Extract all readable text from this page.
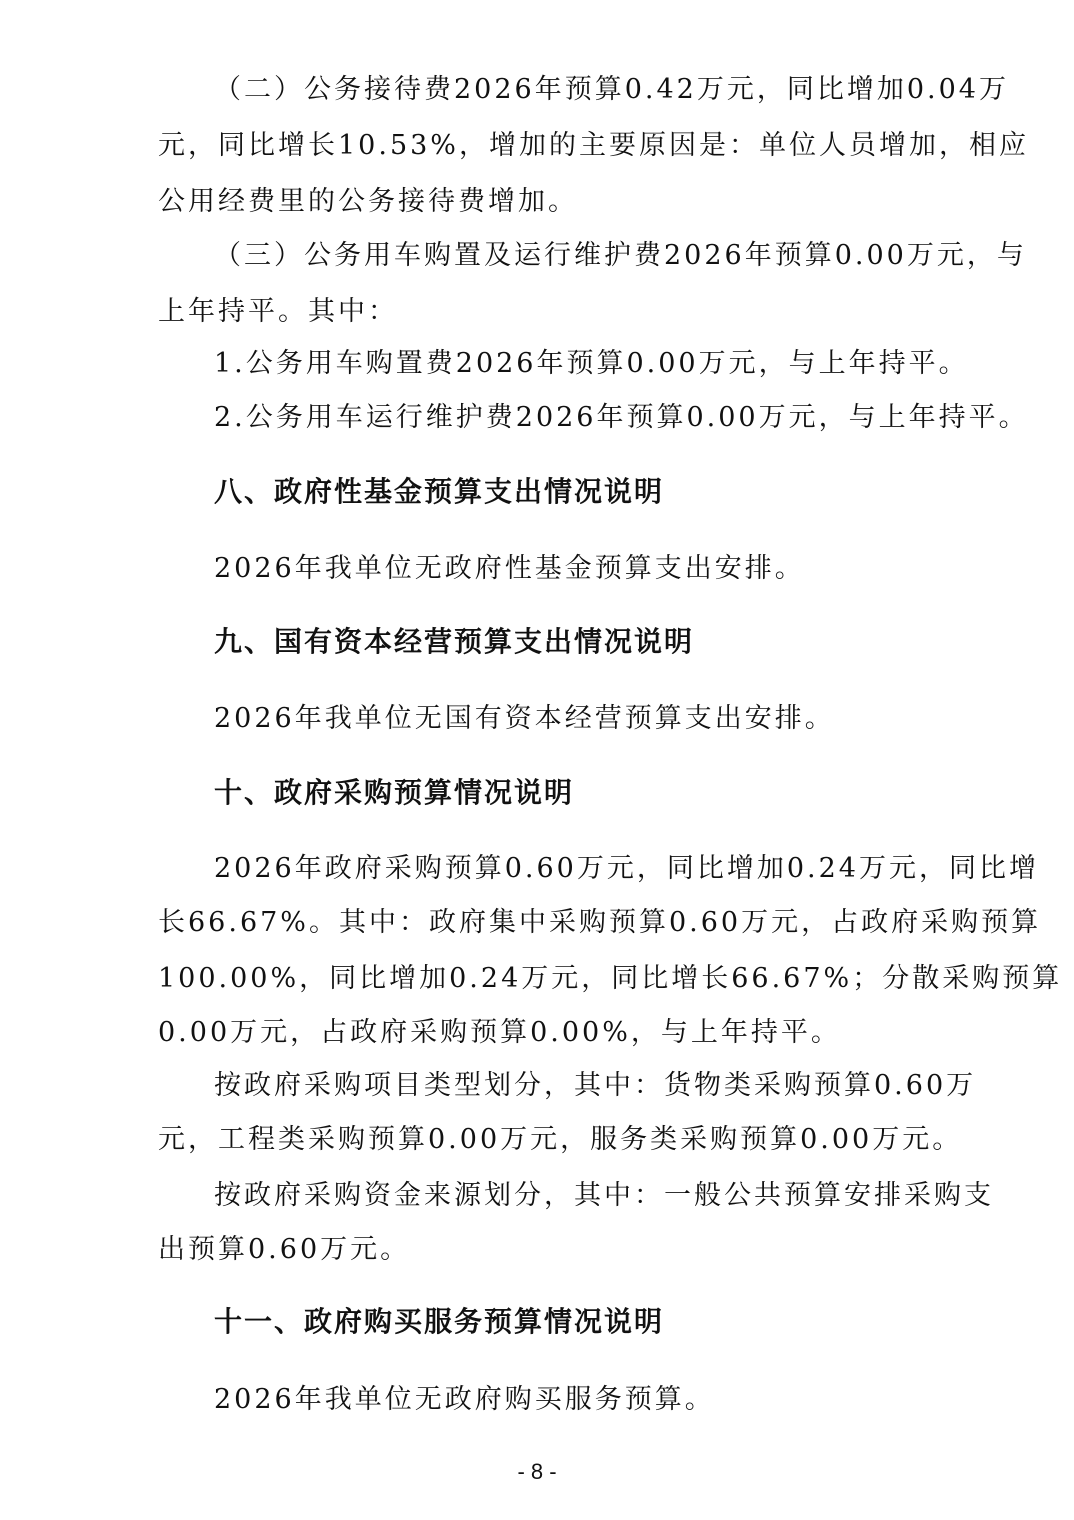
（二）公务接待费2026年预算0.42万元，同比增加0.04万
元，同比增长10.53%，增加的主要原因是：单位人员增加，相应
公用经费里的公务接待费增加。
（三）公务用车购置及运行维护费2026年预算0.00万元，与
上年持平。其中：
1.公务用车购置费2026年预算0.00万元，与上年持平。
2.公务用车运行维护费2026年预算0.00万元，与上年持平。
八、政府性基金预算支出情况说明
2026年我单位无政府性基金预算支出安排。
九、国有资本经营预算支出情况说明
2026年我单位无国有资本经营预算支出安排。
十、政府采购预算情况说明
2026年政府采购预算0.60万元，同比增加0.24万元，同比增
长66.67%。其中：政府集中采购预算0.60万元，占政府采购预算
100.00%，同比增加0.24万元，同比增长66.67%；分散采购预算
0.00万元，占政府采购预算0.00%，与上年持平。
按政府采购项目类型划分，其中：货物类采购预算0.60万
元，工程类采购预算0.00万元，服务类采购预算0.00万元。
按政府采购资金来源划分，其中：一般公共预算安排采购支
出预算0.60万元。
十一、政府购买服务预算情况说明
2026年我单位无政府购买服务预算。
- 8 -
